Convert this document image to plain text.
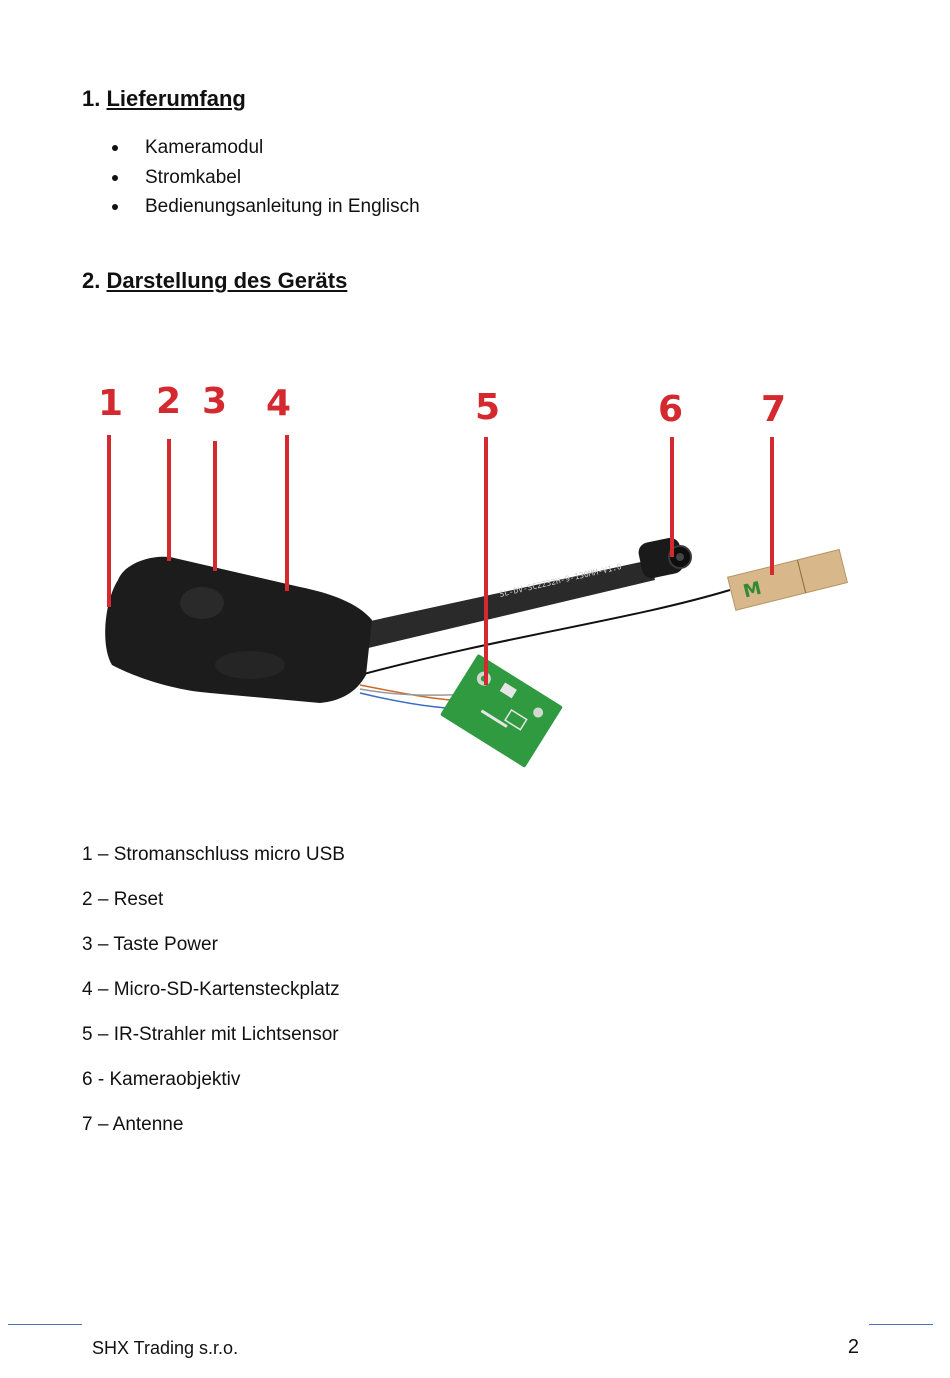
1. Lieferumfang
Kameramodul
Stromkabel
Bedienungsanleitung in Englisch
2. Darstellung des Geräts
SL-DV-SC2232H-9-130MM-V1.0	M
1 2 3 4	5	6 7
1 – Stromanschluss micro USB
2 – Reset
3 – Taste Power
4 – Micro-SD-Kartensteckplatz
5 – IR-Strahler mit Lichtsensor
6 - Kameraobjektiv
7 – Antenne
SHX Trading s.r.o.	2
